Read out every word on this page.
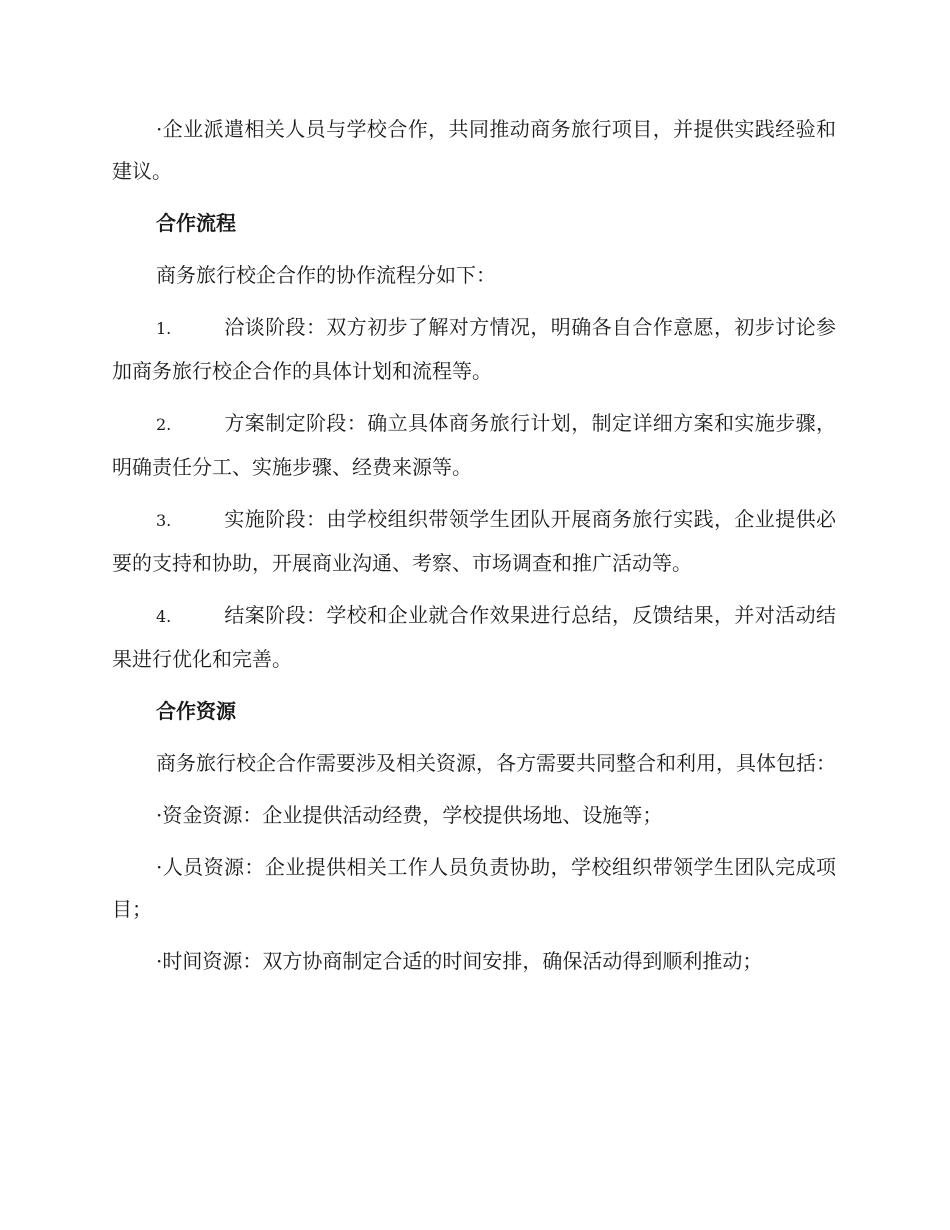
·企业派遣相关人员与学校合作，共同推动商务旅行项目，并提供实践经验和建议。

合作流程

商务旅行校企合作的协作流程分如下：

1.	洽谈阶段：双方初步了解对方情况，明确各自合作意愿，初步讨论参加商务旅行校企合作的具体计划和流程等。

2.	方案制定阶段：确立具体商务旅行计划，制定详细方案和实施步骤，明确责任分工、实施步骤、经费来源等。

3.	实施阶段：由学校组织带领学生团队开展商务旅行实践，企业提供必要的支持和协助，开展商业沟通、考察、市场调查和推广活动等。

4.	结案阶段：学校和企业就合作效果进行总结，反馈结果，并对活动结果进行优化和完善。

合作资源

商务旅行校企合作需要涉及相关资源，各方需要共同整合和利用，具体包括：

·资金资源：企业提供活动经费，学校提供场地、设施等；

·人员资源：企业提供相关工作人员负责协助，学校组织带领学生团队完成项目；

·时间资源：双方协商制定合适的时间安排，确保活动得到顺利推动；
